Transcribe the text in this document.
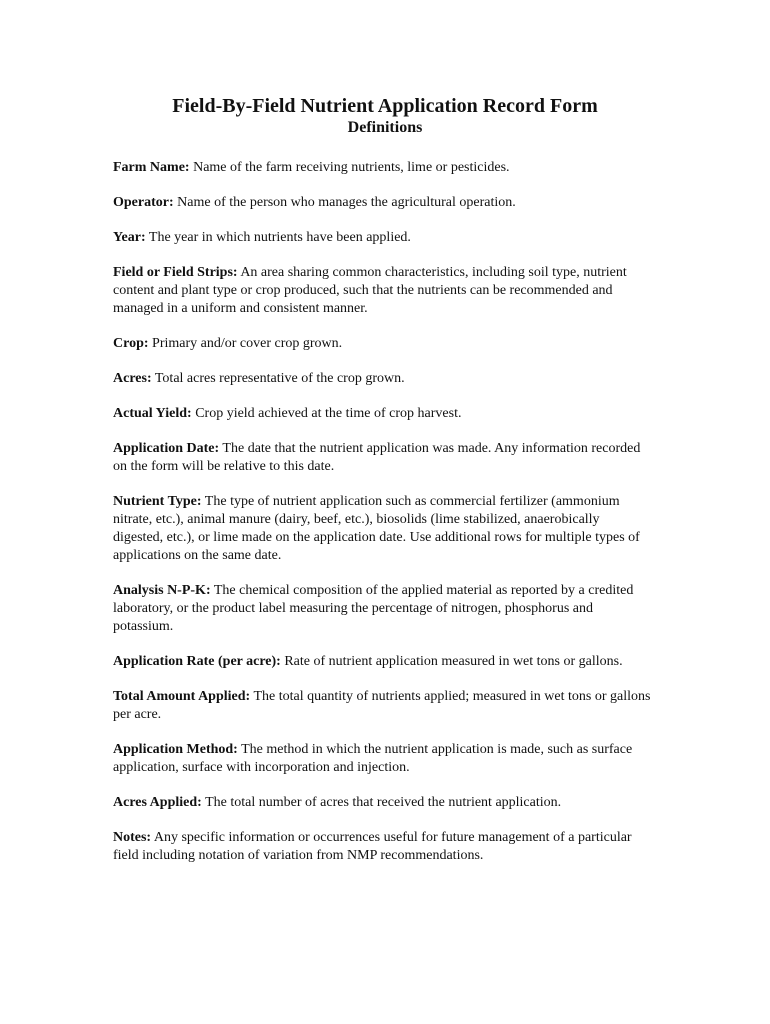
Field-By-Field Nutrient Application Record Form
Definitions

Farm Name: Name of the farm receiving nutrients, lime or pesticides.

Operator: Name of the person who manages the agricultural operation.

Year: The year in which nutrients have been applied.

Field or Field Strips: An area sharing common characteristics, including soil type, nutrient content and plant type or crop produced, such that the nutrients can be recommended and managed in a uniform and consistent manner.

Crop: Primary and/or cover crop grown.

Acres: Total acres representative of the crop grown.

Actual Yield: Crop yield achieved at the time of crop harvest.

Application Date: The date that the nutrient application was made. Any information recorded on the form will be relative to this date.

Nutrient Type: The type of nutrient application such as commercial fertilizer (ammonium nitrate, etc.), animal manure (dairy, beef, etc.), biosolids (lime stabilized, anaerobically digested, etc.), or lime made on the application date. Use additional rows for multiple types of applications on the same date.

Analysis N-P-K: The chemical composition of the applied material as reported by a credited laboratory, or the product label measuring the percentage of nitrogen, phosphorus and potassium.

Application Rate (per acre): Rate of nutrient application measured in wet tons or gallons.

Total Amount Applied: The total quantity of nutrients applied; measured in wet tons or gallons per acre.

Application Method: The method in which the nutrient application is made, such as surface application, surface with incorporation and injection.

Acres Applied: The total number of acres that received the nutrient application.

Notes: Any specific information or occurrences useful for future management of a particular field including notation of variation from NMP recommendations.
